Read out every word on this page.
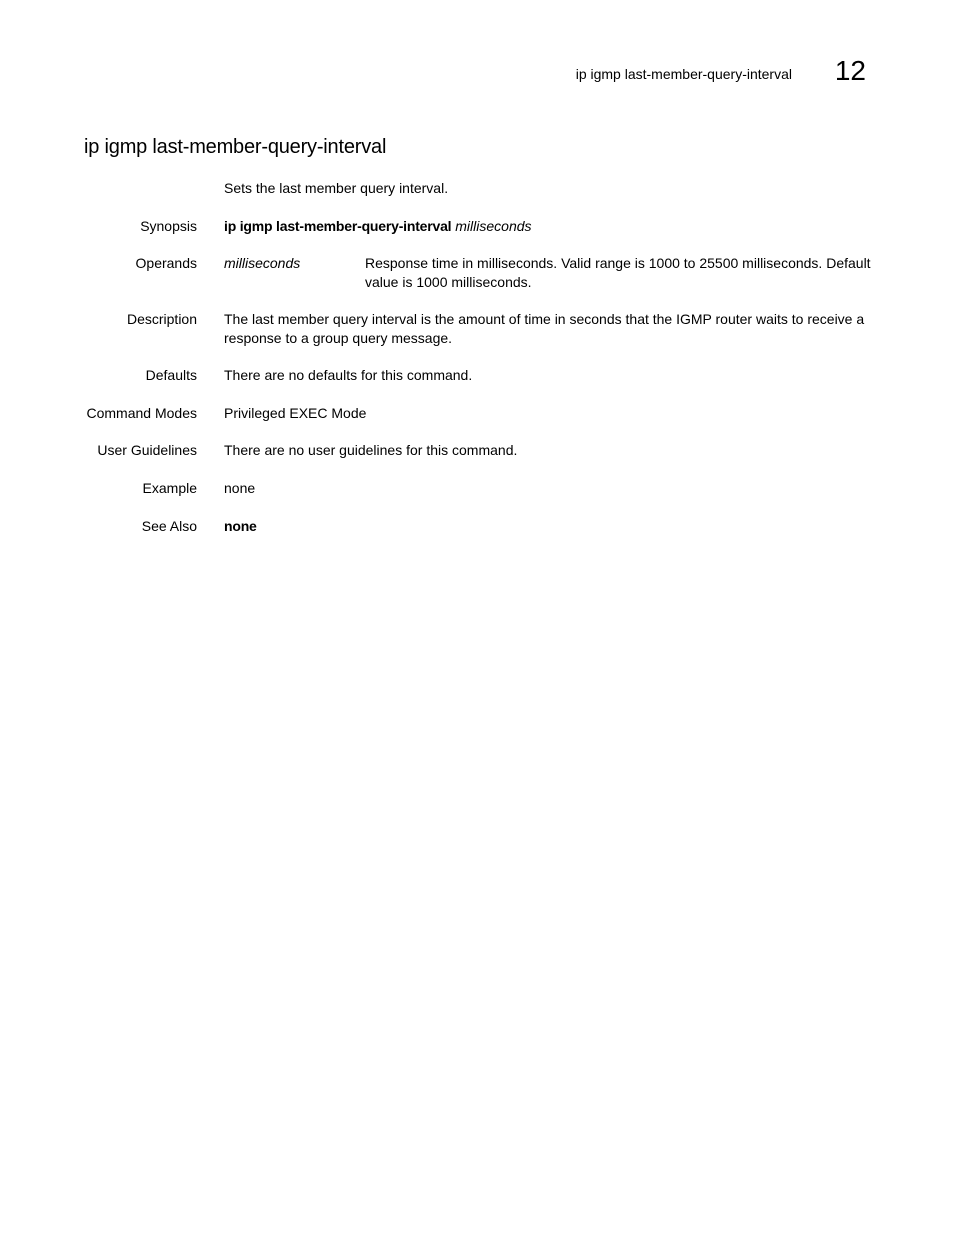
ip igmp last-member-query-interval	12
ip igmp last-member-query-interval
Sets the last member query interval.
Synopsis ip igmp last-member-query-interval milliseconds
Operands milliseconds	Response time in milliseconds. Valid range is 1000 to 25500 milliseconds. Default value is 1000 milliseconds.
Description The last member query interval is the amount of time in seconds that the IGMP router waits to receive a response to a group query message.
Defaults There are no defaults for this command.
Command Modes Privileged EXEC Mode
User Guidelines There are no user guidelines for this command.
Example none
See Also none
